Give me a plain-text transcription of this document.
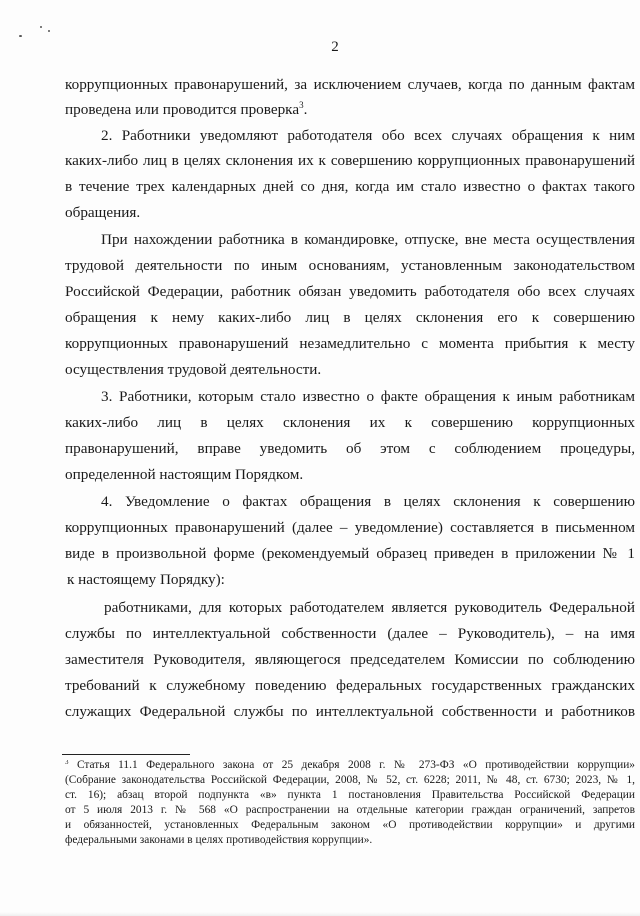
2
коррупционных правонарушений, за исключением случаев, когда по данным фактам
проведена или проводится проверка$^3$.
2. Работники уведомляют работодателя обо всех случаях обращения к ним
каких-либо лиц в целях склонения их к совершению коррупционных правонарушений
в течение трех календарных дней со дня, когда им стало известно о фактах такого
обращения.
При нахождении работника в командировке, отпуске, вне места осуществления
трудовой деятельности по иным основаниям, установленным законодательством
Российской Федерации, работник обязан уведомить работодателя обо всех случаях
обращения к нему каких-либо лиц в целях склонения его к совершению
коррупционных правонарушений незамедлительно с момента прибытия к месту
осуществления трудовой деятельности.
3. Работники, которым стало известно о факте обращения к иным работникам
каких-либо лиц в целях склонения их к совершению коррупционных
правонарушений, вправе уведомить об этом с соблюдением процедуры,
определенной настоящим Порядком.
4. Уведомление о фактах обращения в целях склонения к совершению
коррупционных правонарушений (далее – уведомление) составляется в письменном
виде в произвольной форме (рекомендуемый образец приведен в приложении № 1
к настоящему Порядку):
работниками, для которых работодателем является руководитель Федеральной
службы по интеллектуальной собственности (далее – Руководитель), – на имя
заместителя Руководителя, являющегося председателем Комиссии по соблюдению
требований к служебному поведению федеральных государственных гражданских
служащих Федеральной службы по интеллектуальной собственности и работников
$^3$ Статья 11.1 Федерального закона от 25 декабря 2008 г. № 273-ФЗ «О противодействии коррупции»
(Собрание законодательства Российской Федерации, 2008, № 52, ст. 6228; 2011, № 48, ст. 6730; 2023, № 1,
ст. 16); абзац второй подпункта «в» пункта 1 постановления Правительства Российской Федерации
от 5 июля 2013 г. № 568 «О распространении на отдельные категории граждан ограничений, запретов
и обязанностей, установленных Федеральным законом «О противодействии коррупции» и другими
федеральными законами в целях противодействия коррупции».
